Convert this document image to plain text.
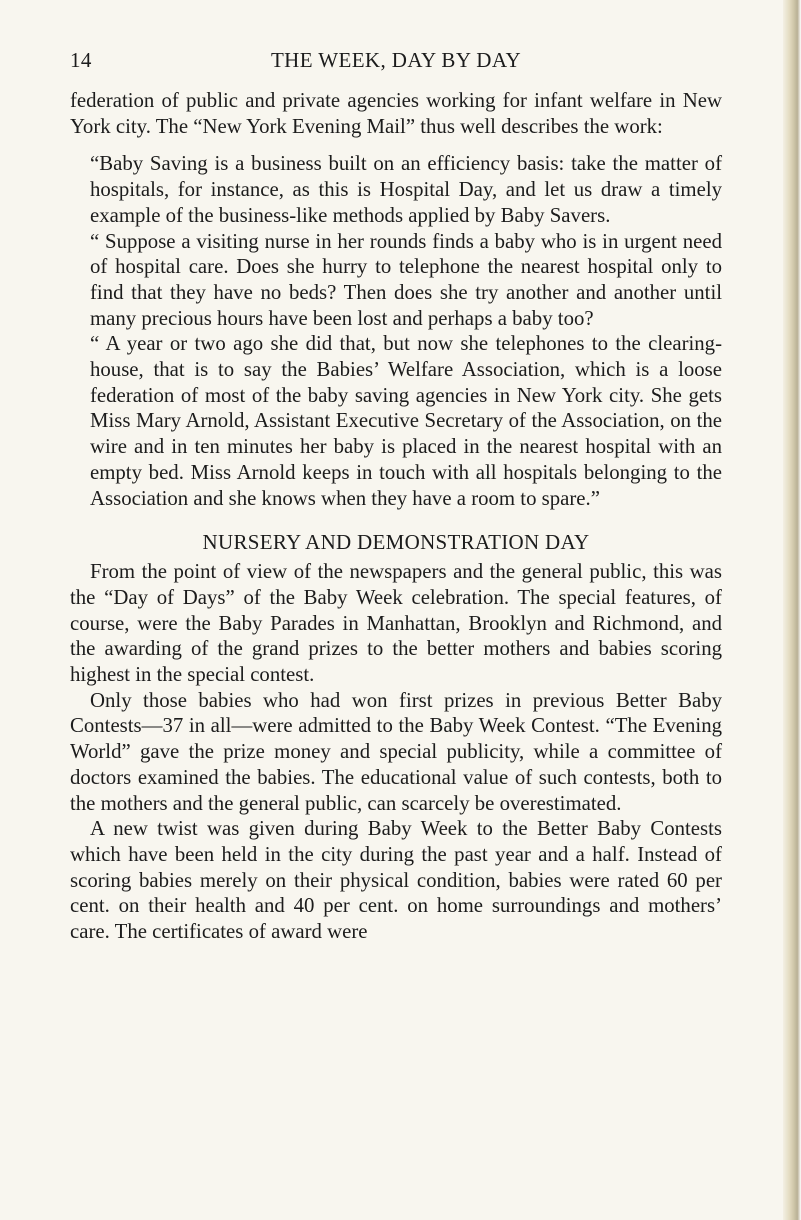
14	THE WEEK, DAY BY DAY

federation of public and private agencies working for infant welfare in New York city. The “New York Evening Mail” thus well describes the work:

“Baby Saving is a business built on an efficiency basis: take the matter of hospitals, for instance, as this is Hospital Day, and let us draw a timely example of the business-like methods applied by Baby Savers.

“ Suppose a visiting nurse in her rounds finds a baby who is in urgent need of hospital care. Does she hurry to telephone the nearest hospital only to find that they have no beds? Then does she try another and another until many precious hours have been lost and perhaps a baby too?

“ A year or two ago she did that, but now she telephones to the clearing-house, that is to say the Babies’ Welfare Association, which is a loose federation of most of the baby saving agencies in New York city. She gets Miss Mary Arnold, Assistant Executive Secretary of the Association, on the wire and in ten minutes her baby is placed in the nearest hospital with an empty bed. Miss Arnold keeps in touch with all hospitals belonging to the Association and she knows when they have a room to spare.”

NURSERY AND DEMONSTRATION DAY

From the point of view of the newspapers and the general public, this was the “Day of Days” of the Baby Week celebration. The special features, of course, were the Baby Parades in Manhattan, Brooklyn and Richmond, and the awarding of the grand prizes to the better mothers and babies scoring highest in the special contest.

Only those babies who had won first prizes in previous Better Baby Contests—37 in all—were admitted to the Baby Week Contest. “The Evening World” gave the prize money and special publicity, while a committee of doctors examined the babies. The educational value of such contests, both to the mothers and the general public, can scarcely be overestimated.

A new twist was given during Baby Week to the Better Baby Contests which have been held in the city during the past year and a half. Instead of scoring babies merely on their physical condition, babies were rated 60 per cent. on their health and 40 per cent. on home surroundings and mothers’ care. The certificates of award were
